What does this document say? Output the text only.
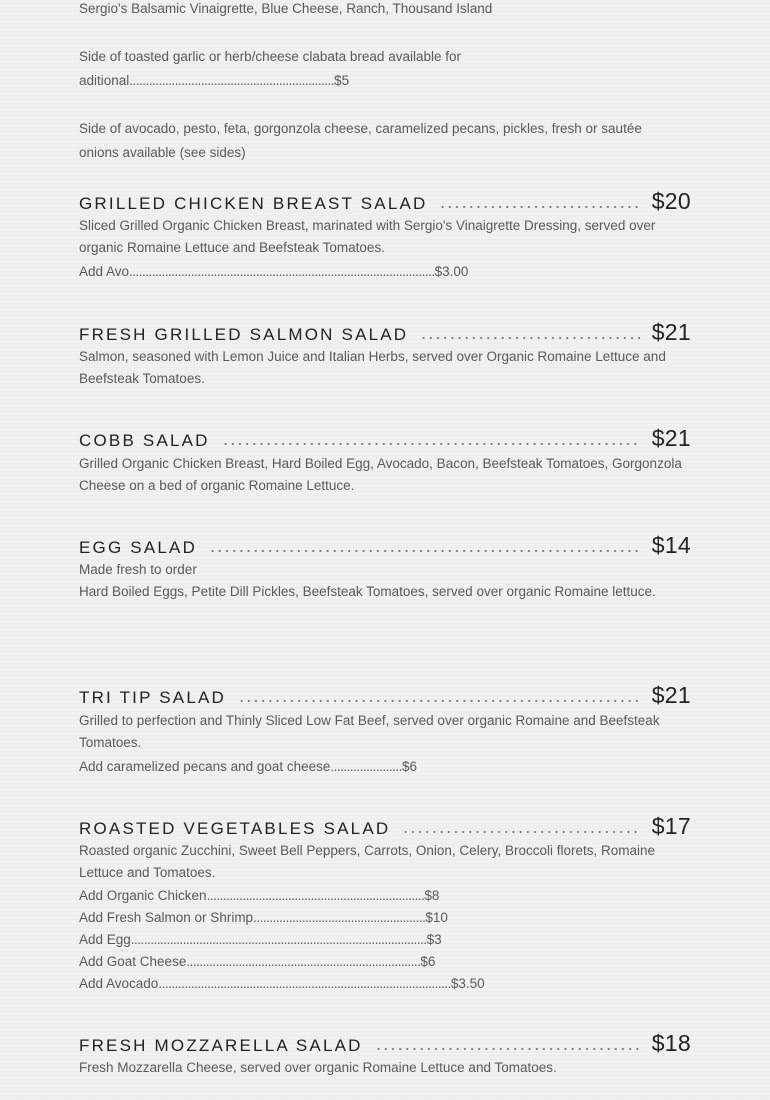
Sergio's Balsamic Vinaigrette, Blue Cheese, Ranch, Thousand Island
Side of toasted garlic or herb/cheese clabata bread available for
aditional...............................................................$5
Side of avocado, pesto, feta, gorgonzola cheese, caramelized pecans, pickles, fresh or sautée
onions available (see sides)
GRILLED CHICKEN BREAST SALAD	$20
Sliced Grilled Organic Chicken Breast, marinated with Sergio's Vinaigrette Dressing, served over organic Romaine Lettuce and Beefsteak Tomatoes.
Add Avo..............................................................................................$3.00
FRESH GRILLED SALMON SALAD	$21
Salmon, seasoned with Lemon Juice and Italian Herbs, served over Organic Romaine Lettuce and Beefsteak Tomatoes.
COBB SALAD	$21
Grilled Organic Chicken Breast, Hard Boiled Egg, Avocado, Bacon, Beefsteak Tomatoes, Gorgonzola Cheese on a bed of organic Romaine Lettuce.
EGG SALAD	$14
Made fresh to order
Hard Boiled Eggs, Petite Dill Pickles, Beefsteak Tomatoes, served over organic Romaine lettuce.
TRI TIP SALAD	$21
Grilled to perfection and Thinly Sliced Low Fat Beef, served over organic Romaine and Beefsteak Tomatoes.
Add caramelized pecans and goat cheese......................$6
ROASTED VEGETABLES SALAD	$17
Roasted organic Zucchini, Sweet Bell Peppers, Carrots, Onion, Celery, Broccoli florets, Romaine Lettuce and Tomatoes.
Add Organic Chicken...................................................................$8
Add Fresh Salmon or Shrimp.....................................................$10
Add Egg...........................................................................................$3
Add Goat Cheese........................................................................$6
Add Avocado..........................................................................................$3.50
FRESH MOZZARELLA SALAD	$18
Fresh Mozzarella Cheese, served over organic Romaine Lettuce and Tomatoes.
